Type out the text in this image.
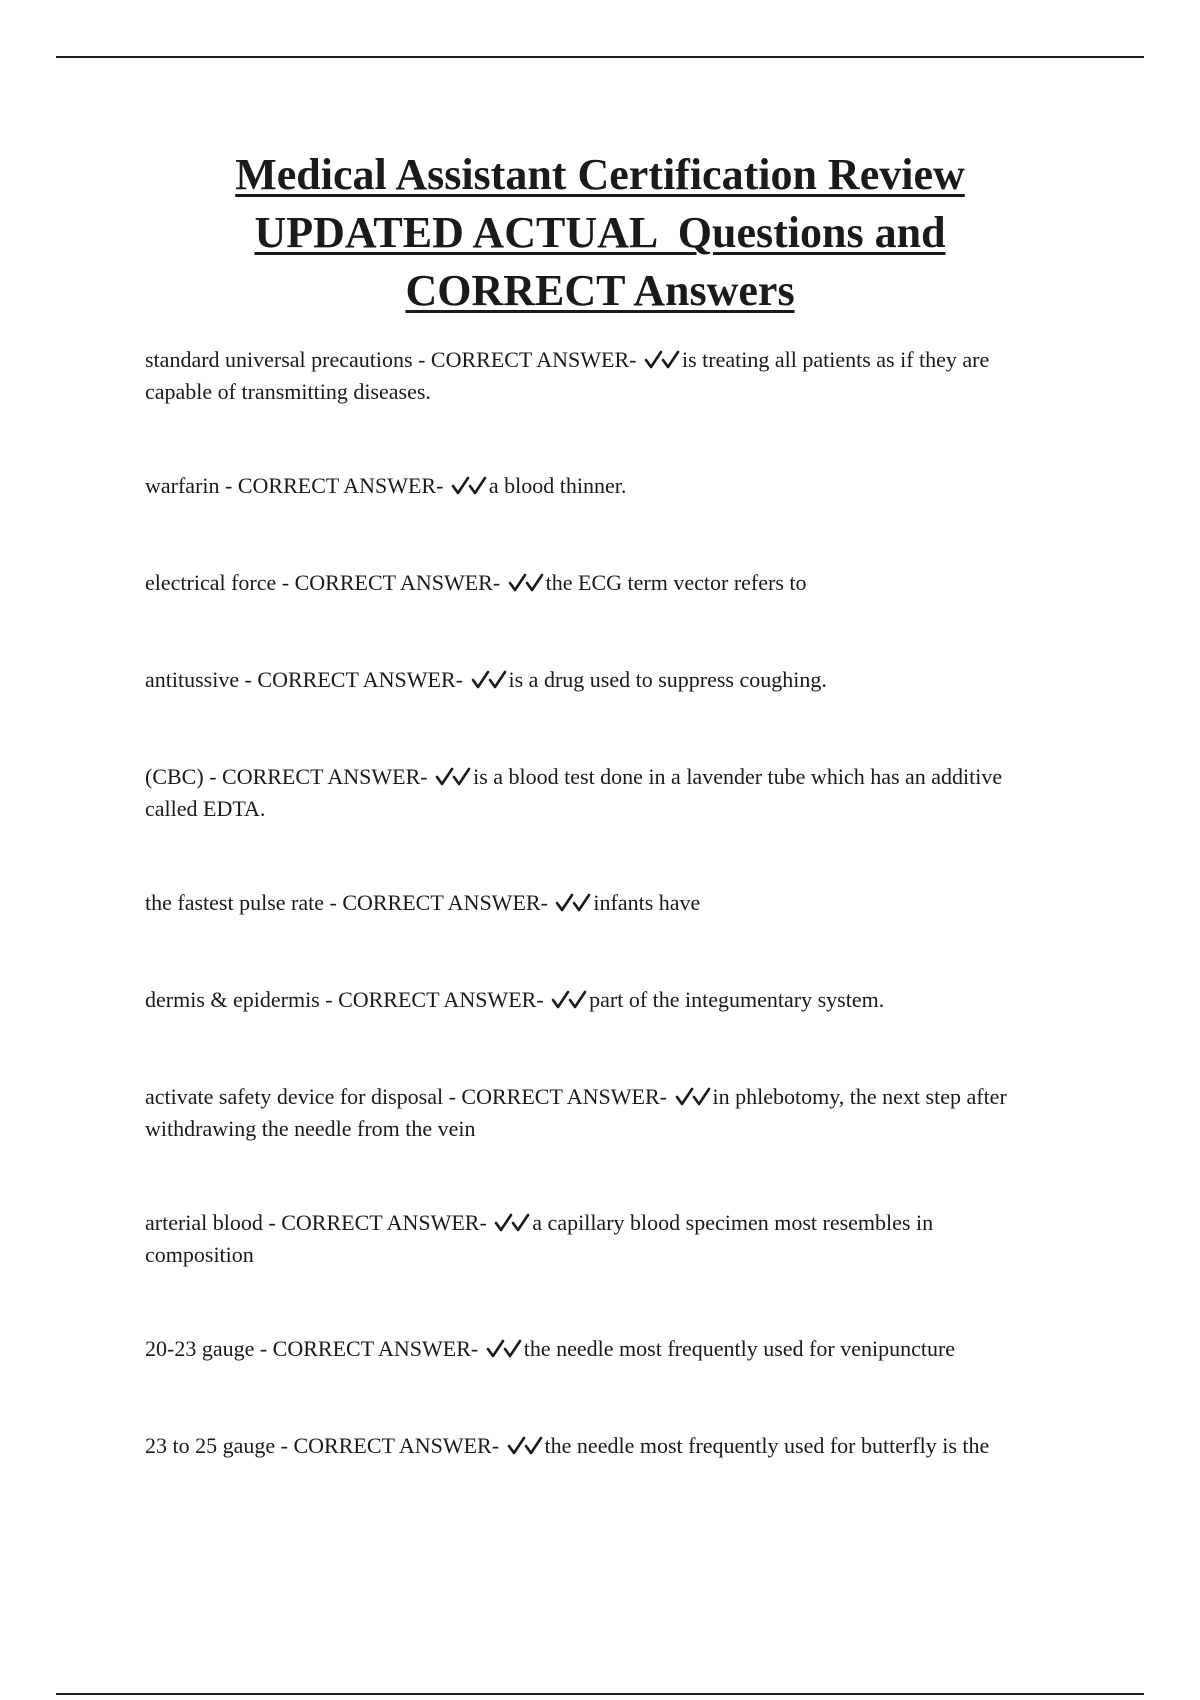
Medical Assistant Certification Review
UPDATED ACTUAL  Questions and
CORRECT Answers
standard universal precautions - CORRECT ANSWER- is treating all patients as if they are capable of transmitting diseases.
warfarin - CORRECT ANSWER- a blood thinner.
electrical force - CORRECT ANSWER- the ECG term vector refers to
antitussive - CORRECT ANSWER- is a drug used to suppress coughing.
(CBC) - CORRECT ANSWER- is a blood test done in a lavender tube which has an additive called EDTA.
the fastest pulse rate - CORRECT ANSWER- infants have
dermis & epidermis - CORRECT ANSWER- part of the integumentary system.
activate safety device for disposal - CORRECT ANSWER- in phlebotomy, the next step after withdrawing the needle from the vein
arterial blood - CORRECT ANSWER- a capillary blood specimen most resembles in composition
20-23 gauge - CORRECT ANSWER- the needle most frequently used for venipuncture
23 to 25 gauge - CORRECT ANSWER- the needle most frequently used for butterfly is the
